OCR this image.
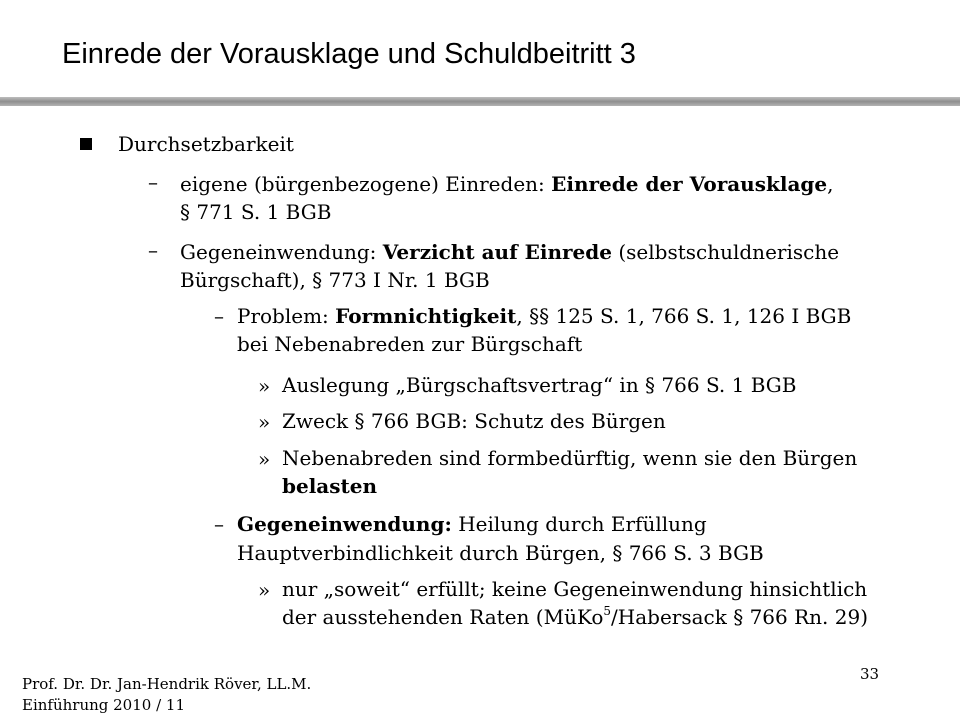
Einrede der Vorausklage und Schuldbeitritt 3
Durchsetzbarkeit
– eigene (bürgenbezogene) Einreden: Einrede der Vorausklage,
§ 771 S. 1 BGB
– Gegeneinwendung: Verzicht auf Einrede (selbstschuldnerische
Bürgschaft), § 773 I Nr. 1 BGB
– Problem: Formnichtigkeit, §§ 125 S. 1, 766 S. 1, 126 I BGB
bei Nebenabreden zur Bürgschaft
» Auslegung „Bürgschaftsvertrag“ in § 766 S. 1 BGB
» Zweck § 766 BGB: Schutz des Bürgen
» Nebenabreden sind formbedürftig, wenn sie den Bürgen
belasten
– Gegeneinwendung: Heilung durch Erfüllung
Hauptverbindlichkeit durch Bürgen, § 766 S. 3 BGB
» nur „soweit“ erfüllt; keine Gegeneinwendung hinsichtlich
der ausstehenden Raten (MüKo$^5$/Habersack § 766 Rn. 29)
Prof. Dr. Dr. Jan-Hendrik Röver, LL.M.
Einführung 2010 / 11
33
